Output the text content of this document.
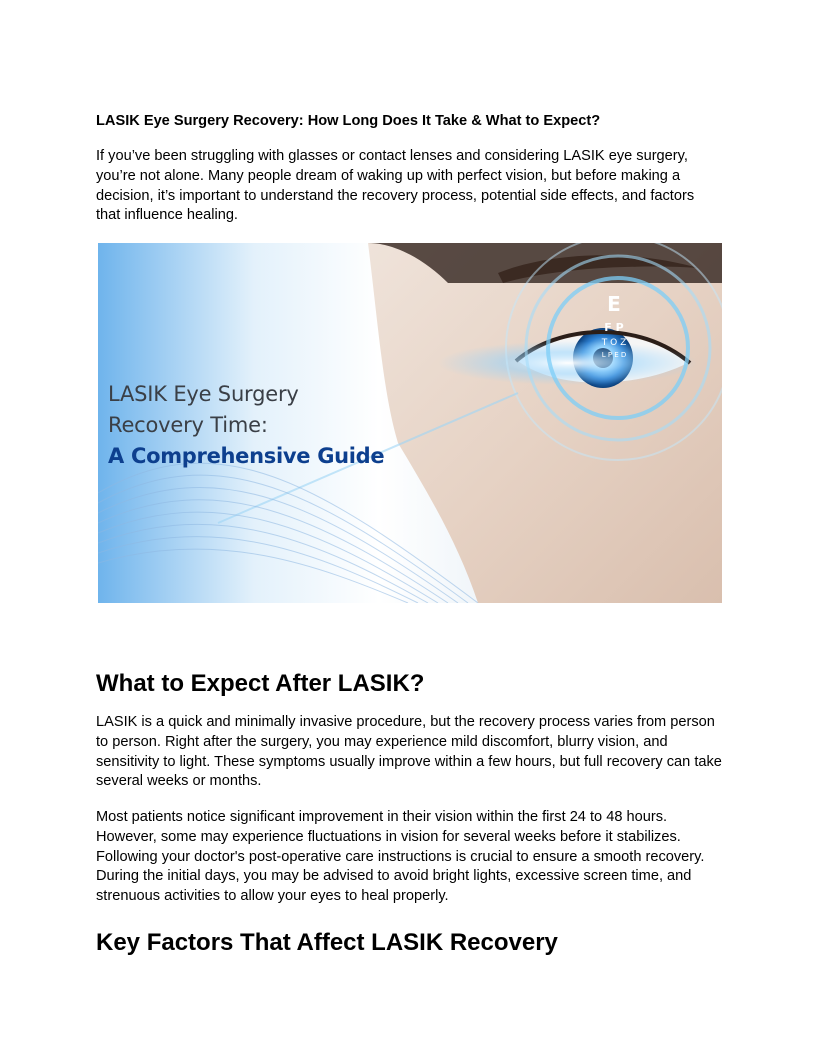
LASIK Eye Surgery Recovery: How Long Does It Take & What to Expect?

If you’ve been struggling with glasses or contact lenses and considering LASIK eye surgery, you’re not alone. Many people dream of waking up with perfect vision, but before making a decision, it’s important to understand the recovery process, potential side effects, and factors that influence healing.

E
F P
T O Z
L P E D
LASIK Eye Surgery
Recovery Time:
A Comprehensive Guide
What to Expect After LASIK?

LASIK is a quick and minimally invasive procedure, but the recovery process varies from person to person. Right after the surgery, you may experience mild discomfort, blurry vision, and sensitivity to light. These symptoms usually improve within a few hours, but full recovery can take several weeks or months.

Most patients notice significant improvement in their vision within the first 24 to 48 hours. However, some may experience fluctuations in vision for several weeks before it stabilizes. Following your doctor's post-operative care instructions is crucial to ensure a smooth recovery. During the initial days, you may be advised to avoid bright lights, excessive screen time, and strenuous activities to allow your eyes to heal properly.

Key Factors That Affect LASIK Recovery
